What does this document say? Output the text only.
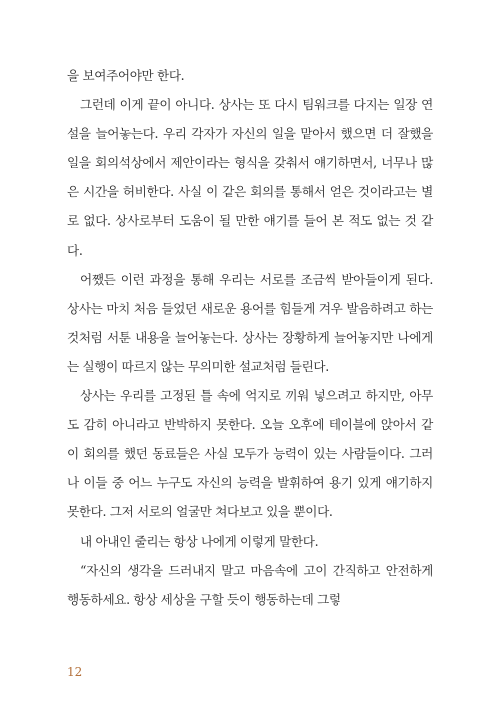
을 보여주어야만 한다.

그런데 이게 끝이 아니다. 상사는 또 다시 팀워크를 다지는 일장 연설을 늘어놓는다. 우리 각자가 자신의 일을 맡아서 했으면 더 잘했을 일을 회의석상에서 제안이라는 형식을 갖춰서 얘기하면서, 너무나 많은 시간을 허비한다. 사실 이 같은 회의를 통해서 얻은 것이라고는 별로 없다. 상사로부터 도움이 될 만한 얘기를 들어 본 적도 없는 것 같다.

어쨌든 이런 과정을 통해 우리는 서로를 조금씩 받아들이게 된다. 상사는 마치 처음 들었던 새로운 용어를 힘들게 겨우 발음하려고 하는 것처럼 서툰 내용을 늘어놓는다. 상사는 장황하게 늘어놓지만 나에게는 실행이 따르지 않는 무의미한 설교처럼 들린다.

상사는 우리를 고정된 틀 속에 억지로 끼워 넣으려고 하지만, 아무도 감히 아니라고 반박하지 못한다. 오늘 오후에 테이블에 앉아서 같이 회의를 했던 동료들은 사실 모두가 능력이 있는 사람들이다. 그러나 이들 중 어느 누구도 자신의 능력을 발휘하여 용기 있게 얘기하지 못한다. 그저 서로의 얼굴만 쳐다보고 있을 뿐이다.

내 아내인 줄리는 항상 나에게 이렇게 말한다.

“자신의 생각을 드러내지 말고 마음속에 고이 간직하고 안전하게 행동하세요. 항상 세상을 구할 듯이 행동하는데 그렇

12
